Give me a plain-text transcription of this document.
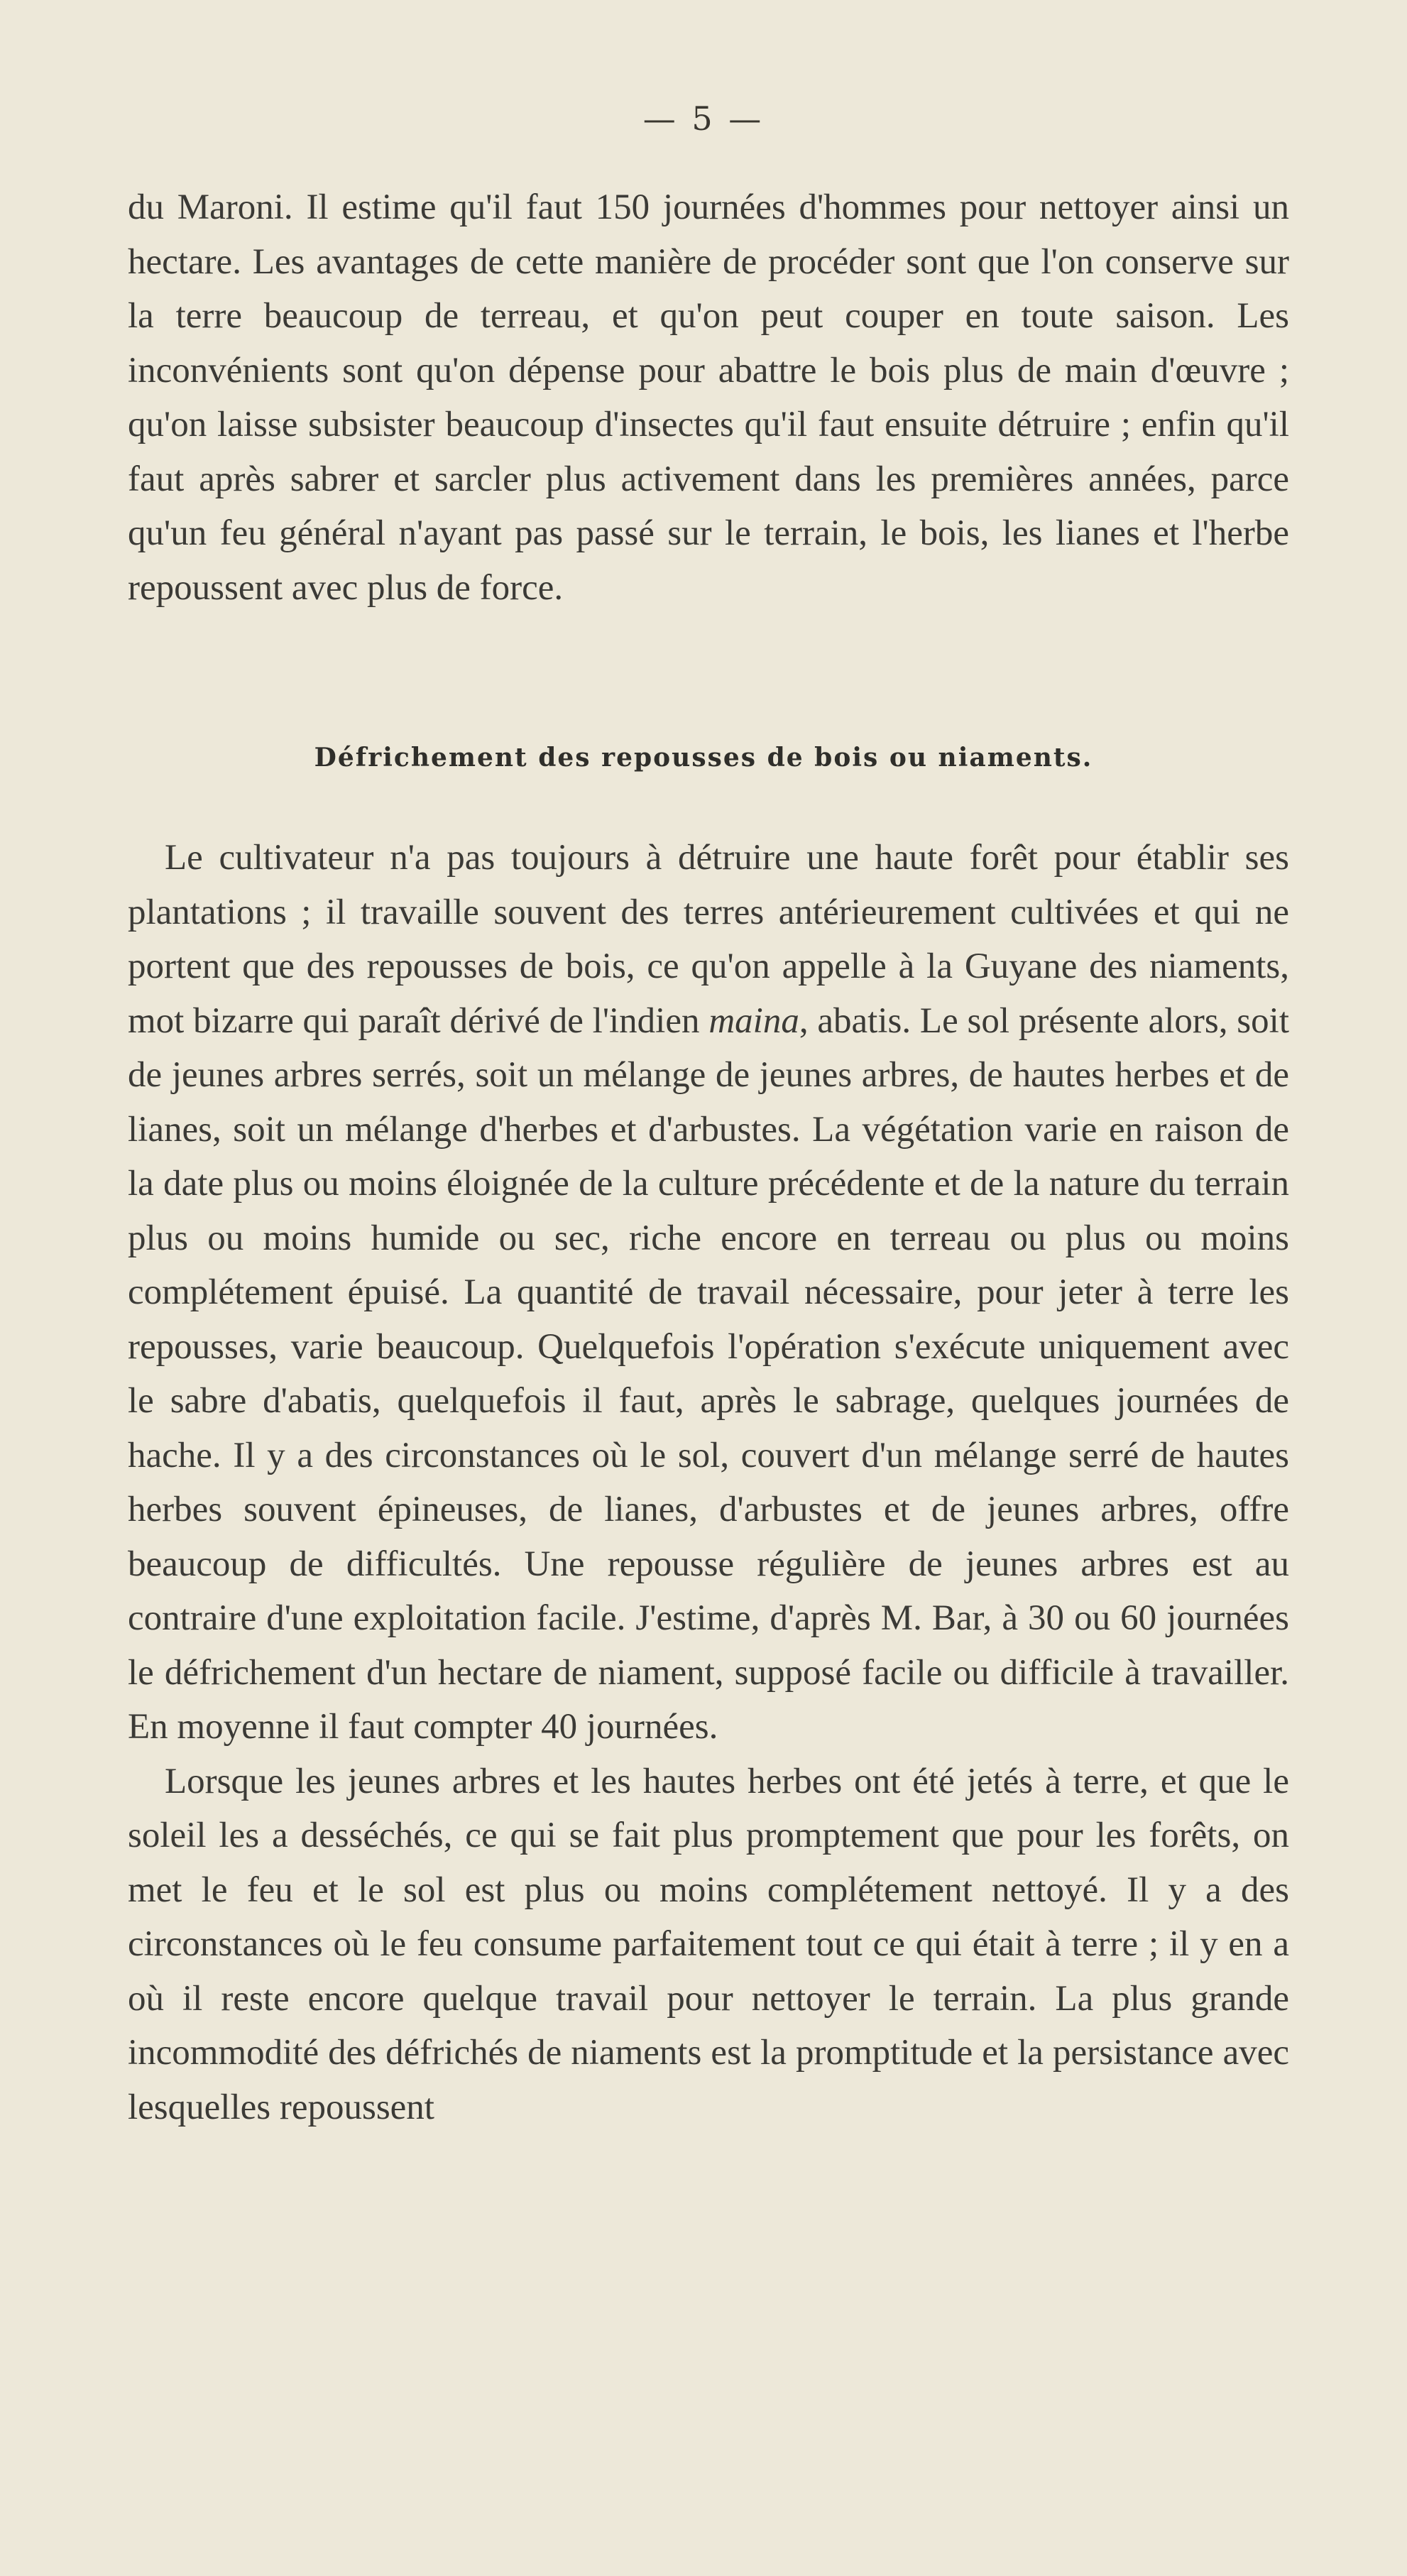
— 5 —

du Maroni. Il estime qu'il faut 150 journées d'hommes pour nettoyer ainsi un hectare. Les avantages de cette manière de procéder sont que l'on conserve sur la terre beaucoup de terreau, et qu'on peut couper en toute saison. Les inconvénients sont qu'on dépense pour abattre le bois plus de main d'œuvre ; qu'on laisse subsister beaucoup d'insectes qu'il faut ensuite détruire ; enfin qu'il faut après sabrer et sarcler plus activement dans les premières années, parce qu'un feu général n'ayant pas passé sur le terrain, le bois, les lianes et l'herbe repoussent avec plus de force.

Défrichement des repousses de bois ou niaments.

Le cultivateur n'a pas toujours à détruire une haute forêt pour établir ses plantations ; il travaille souvent des terres antérieurement cultivées et qui ne portent que des repousses de bois, ce qu'on appelle à la Guyane des niaments, mot bizarre qui paraît dérivé de l'indien maina, abatis. Le sol présente alors, soit de jeunes arbres serrés, soit un mélange de jeunes arbres, de hautes herbes et de lianes, soit un mélange d'herbes et d'arbustes. La végétation varie en raison de la date plus ou moins éloignée de la culture précédente et de la nature du terrain plus ou moins humide ou sec, riche encore en terreau ou plus ou moins complétement épuisé. La quantité de travail nécessaire, pour jeter à terre les repousses, varie beaucoup. Quelquefois l'opération s'exécute uniquement avec le sabre d'abatis, quelquefois il faut, après le sabrage, quelques journées de hache. Il y a des circonstances où le sol, couvert d'un mélange serré de hautes herbes souvent épineuses, de lianes, d'arbustes et de jeunes arbres, offre beaucoup de difficultés. Une repousse régulière de jeunes arbres est au contraire d'une exploitation facile. J'estime, d'après M. Bar, à 30 ou 60 journées le défrichement d'un hectare de niament, supposé facile ou difficile à travailler. En moyenne il faut compter 40 journées.

Lorsque les jeunes arbres et les hautes herbes ont été jetés à terre, et que le soleil les a desséchés, ce qui se fait plus promptement que pour les forêts, on met le feu et le sol est plus ou moins complétement nettoyé. Il y a des circonstances où le feu consume parfaitement tout ce qui était à terre ; il y en a où il reste encore quelque travail pour nettoyer le terrain. La plus grande incommodité des défrichés de niaments est la promptitude et la persistance avec lesquelles repoussent
